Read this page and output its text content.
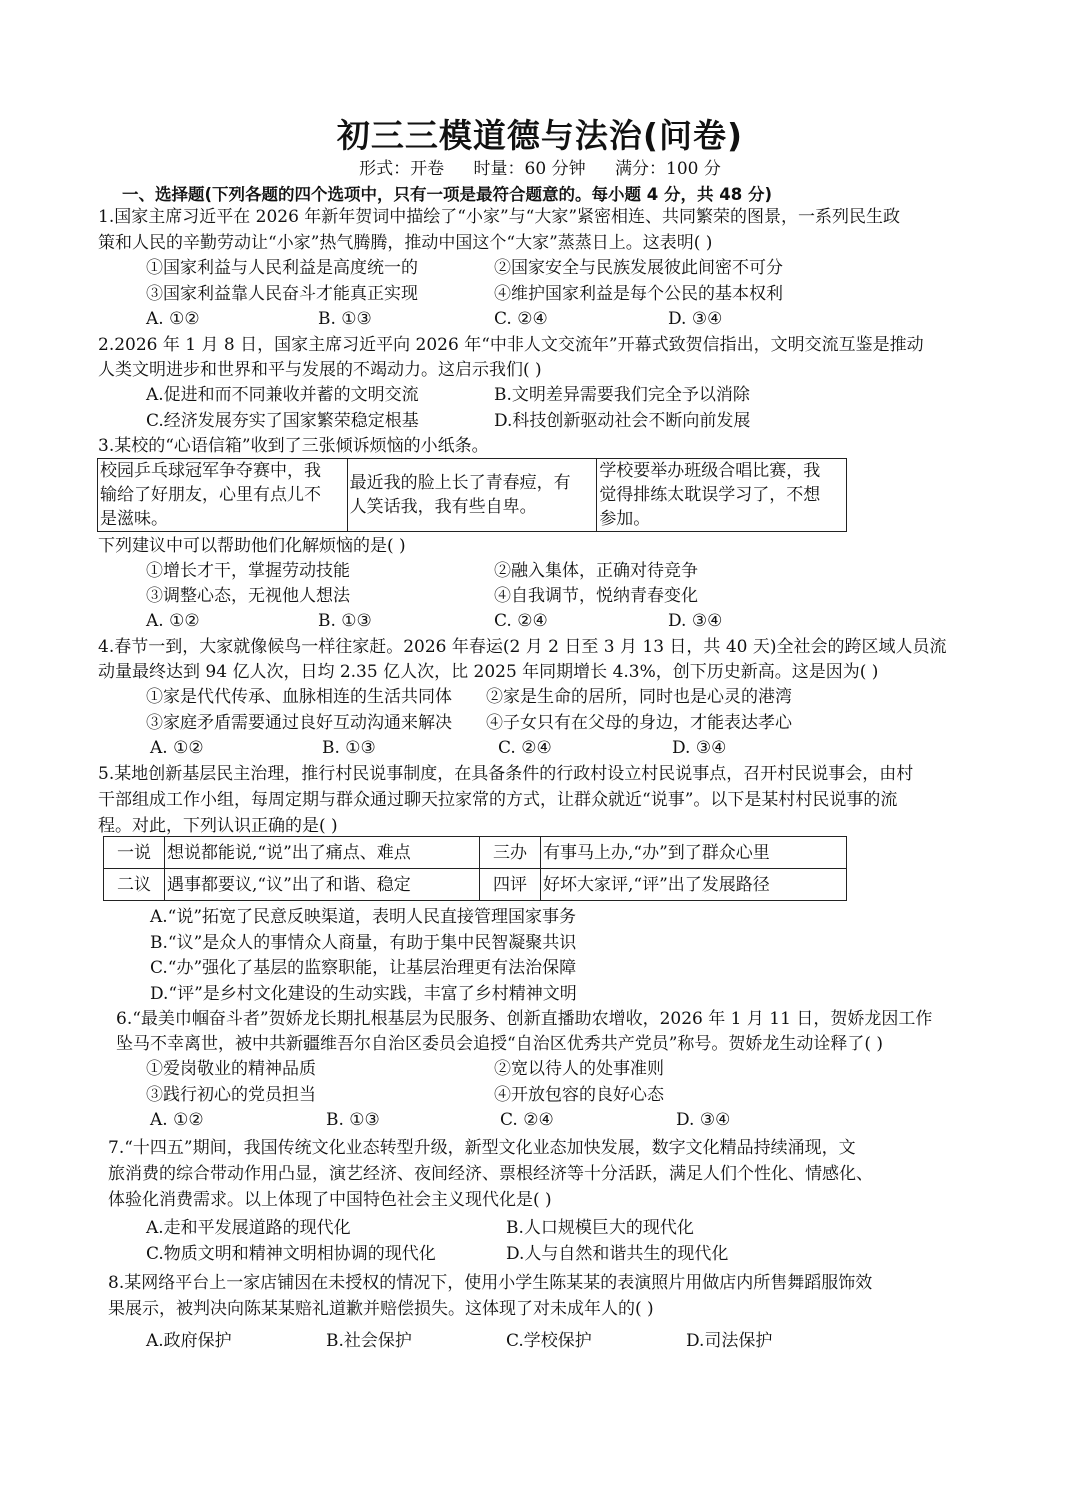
初三三模道德与法治(问卷)
形式：开卷 时量：60 分钟 满分：100 分
一、选择题(下列各题的四个选项中，只有一项是最符合题意的。每小题 4 分，共 48 分)
1.国家主席习近平在 2026 年新年贺词中描绘了“小家”与“大家”紧密相连、共同繁荣的图景，一系列民生政
策和人民的辛勤劳动让“小家”热气腾腾，推动中国这个“大家”蒸蒸日上。这表明( )
①国家利益与人民利益是高度统一的	②国家安全与民族发展彼此间密不可分
③国家利益靠人民奋斗才能真正实现	④维护国家利益是每个公民的基本权利
A. ①②	B. ①③	C. ②④	D. ③④
2.2026 年 1 月 8 日，国家主席习近平向 2026 年“中非人文交流年”开幕式致贺信指出，文明交流互鉴是推动
人类文明进步和世界和平与发展的不竭动力。这启示我们( )
A.促进和而不同兼收并蓄的文明交流	B.文明差异需要我们完全予以消除
C.经济发展夯实了国家繁荣稳定根基	D.科技创新驱动社会不断向前发展
3.某校的“心语信箱”收到了三张倾诉烦恼的小纸条。
校园乒乓球冠军争夺赛中，我
输给了好朋友，心里有点儿不
是滋味。

最近我的脸上长了青春痘，有
人笑话我，我有些自卑。

学校要举办班级合唱比赛，我
觉得排练太耽误学习了，不想
参加。
下列建议中可以帮助他们化解烦恼的是( )
①增长才干，掌握劳动技能	②融入集体，正确对待竞争
③调整心态，无视他人想法	④自我调节，悦纳青春变化
A. ①②	B. ①③	C. ②④	D. ③④
4.春节一到，大家就像候鸟一样往家赶。2026 年春运(2 月 2 日至 3 月 13 日，共 40 天)全社会的跨区域人员流
动量最终达到 94 亿人次，日均 2.35 亿人次，比 2025 年同期增长 4.3%，创下历史新高。这是因为( )
①家是代代传承、血脉相连的生活共同体 ②家是生命的居所，同时也是心灵的港湾
③家庭矛盾需要通过良好互动沟通来解决 ④子女只有在父母的身边，才能表达孝心
A. ①②	B. ①③	C. ②④	D. ③④
5.某地创新基层民主治理，推行村民说事制度，在具备条件的行政村设立村民说事点，召开村民说事会，由村
干部组成工作小组，每周定期与群众通过聊天拉家常的方式，让群众就近“说事”。以下是某村村民说事的流
程。对此，下列认识正确的是( )
一说	想说都能说,“说”出了痛点、难点	三办	有事马上办,“办”到了群众心里
二议	遇事都要议,“议”出了和谐、稳定	四评	好坏大家评,“评”出了发展路径
A.“说”拓宽了民意反映渠道，表明人民直接管理国家事务
B.“议”是众人的事情众人商量，有助于集中民智凝聚共识
C.“办”强化了基层的监察职能，让基层治理更有法治保障
D.“评”是乡村文化建设的生动实践，丰富了乡村精神文明
6.“最美巾帼奋斗者”贺娇龙长期扎根基层为民服务、创新直播助农增收，2026 年 1 月 11 日，贺娇龙因工作
坠马不幸离世，被中共新疆维吾尔自治区委员会追授“自治区优秀共产党员”称号。贺娇龙生动诠释了( )
①爱岗敬业的精神品质	②宽以待人的处事准则
③践行初心的党员担当	④开放包容的良好心态
A. ①②	B. ①③	C. ②④	D. ③④
7.“十四五”期间，我国传统文化业态转型升级，新型文化业态加快发展，数字文化精品持续涌现，文
旅消费的综合带动作用凸显，演艺经济、夜间经济、票根经济等十分活跃，满足人们个性化、情感化、
体验化消费需求。以上体现了中国特色社会主义现代化是( )
A.走和平发展道路的现代化	B.人口规模巨大的现代化
C.物质文明和精神文明相协调的现代化	D.人与自然和谐共生的现代化
8.某网络平台上一家店铺因在未授权的情况下，使用小学生陈某某的表演照片用做店内所售舞蹈服饰效
果展示，被判决向陈某某赔礼道歉并赔偿损失。这体现了对未成年人的( )
A.政府保护	B.社会保护	C.学校保护	D.司法保护
